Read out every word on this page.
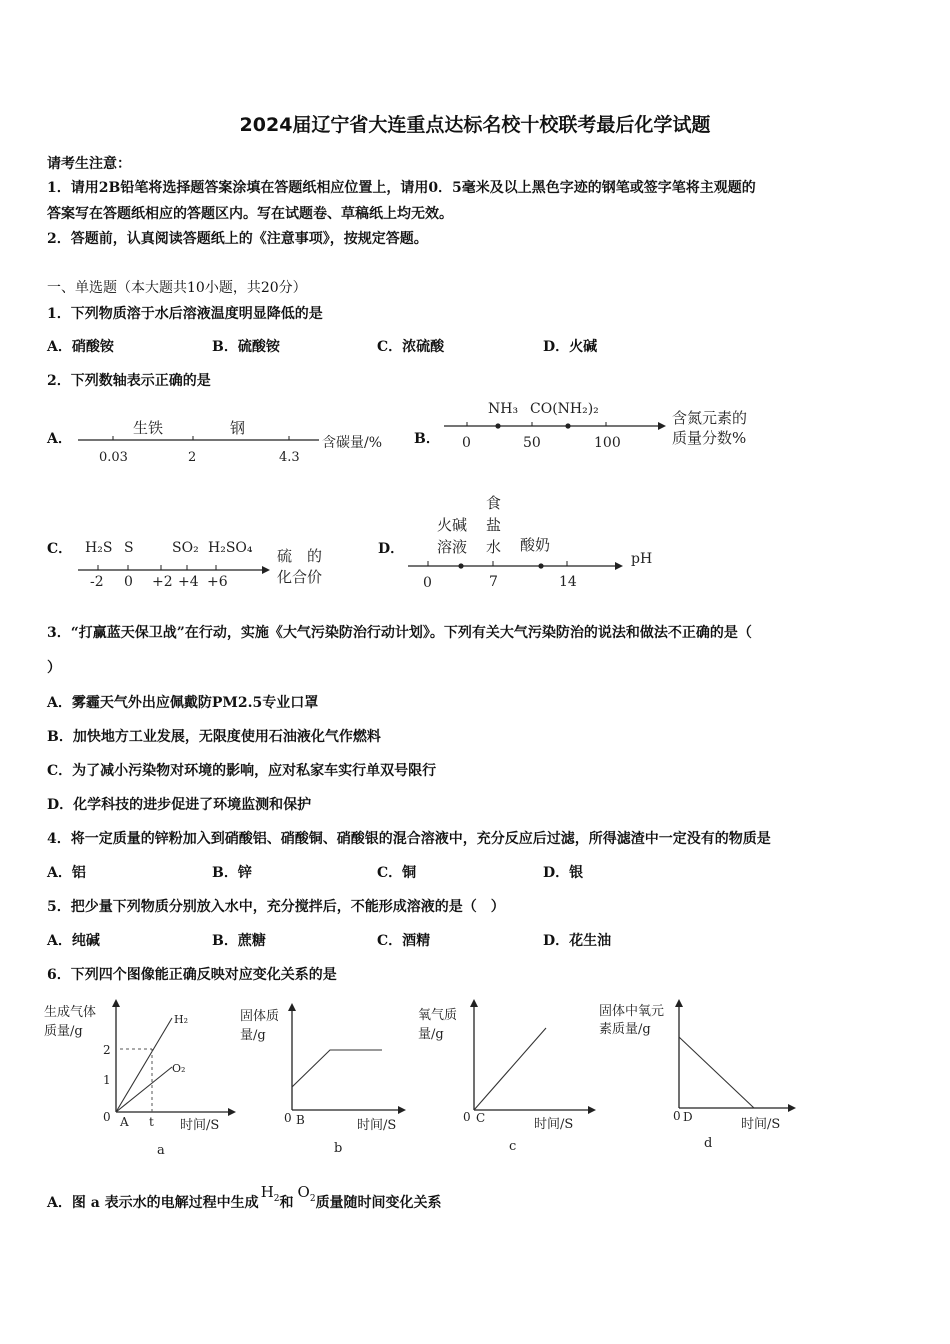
2024届辽宁省大连重点达标名校十校联考最后化学试题
请考生注意：
1．请用2B铅笔将选择题答案涂填在答题纸相应位置上，请用0．5毫米及以上黑色字迹的钢笔或签字笔将主观题的
答案写在答题纸相应的答题区内。写在试题卷、草稿纸上均无效。
2．答题前，认真阅读答题纸上的《注意事项》，按规定答题。
一、单选题（本大题共10小题，共20分）
1．下列物质溶于水后溶液温度明显降低的是
A．硝酸铵	B．硫酸铵	C．浓硫酸	D．火碱
2．下列数轴表示正确的是
A．
生铁	钢
0.03	2	4.3
含碳量/% B．
NH₃ CO(NH₂)₂
0	50	100
含氮元素的
质量分数%
C． H₂S S	SO₂ H₂SO₄
-2 0 +2 +4 +6
硫　的
化合价
D．
火碱
溶液
食
盐
水 酸奶
0	7	14
pH
3．“打赢蓝天保卫战”在行动，实施《大气污染防治行动计划》。下列有关大气污染防治的说法和做法不正确的是（
）
A．雾霾天气外出应佩戴防PM2.5专业口罩
B．加快地方工业发展，无限度使用石油液化气作燃料
C．为了减小污染物对环境的影响，应对私家车实行单双号限行
D．化学科技的进步促进了环境监测和保护
4．将一定质量的锌粉加入到硝酸铝、硝酸铜、硝酸银的混合溶液中，充分反应后过滤，所得滤渣中一定没有的物质是
A．铝	B．锌	C．铜	D．银
5．把少量下列物质分别放入水中，充分搅拌后，不能形成溶液的是（　）
A．纯碱	B．蔗糖	C．酒精	D．花生油
6．下列四个图像能正确反映对应变化关系的是
生成气体
质量/g
H₂
O₂
2
1
0 A t 时间/S
a
固体质
量/g
0 B	时间/S
b
氧气质
量/g
0 C	时间/S
c
固体中氧元
素质量/g
0 D	时间/S
d
A．图 a 表示水的电解过程中生成$H_2$和$O_2$质量随时间变化关系
